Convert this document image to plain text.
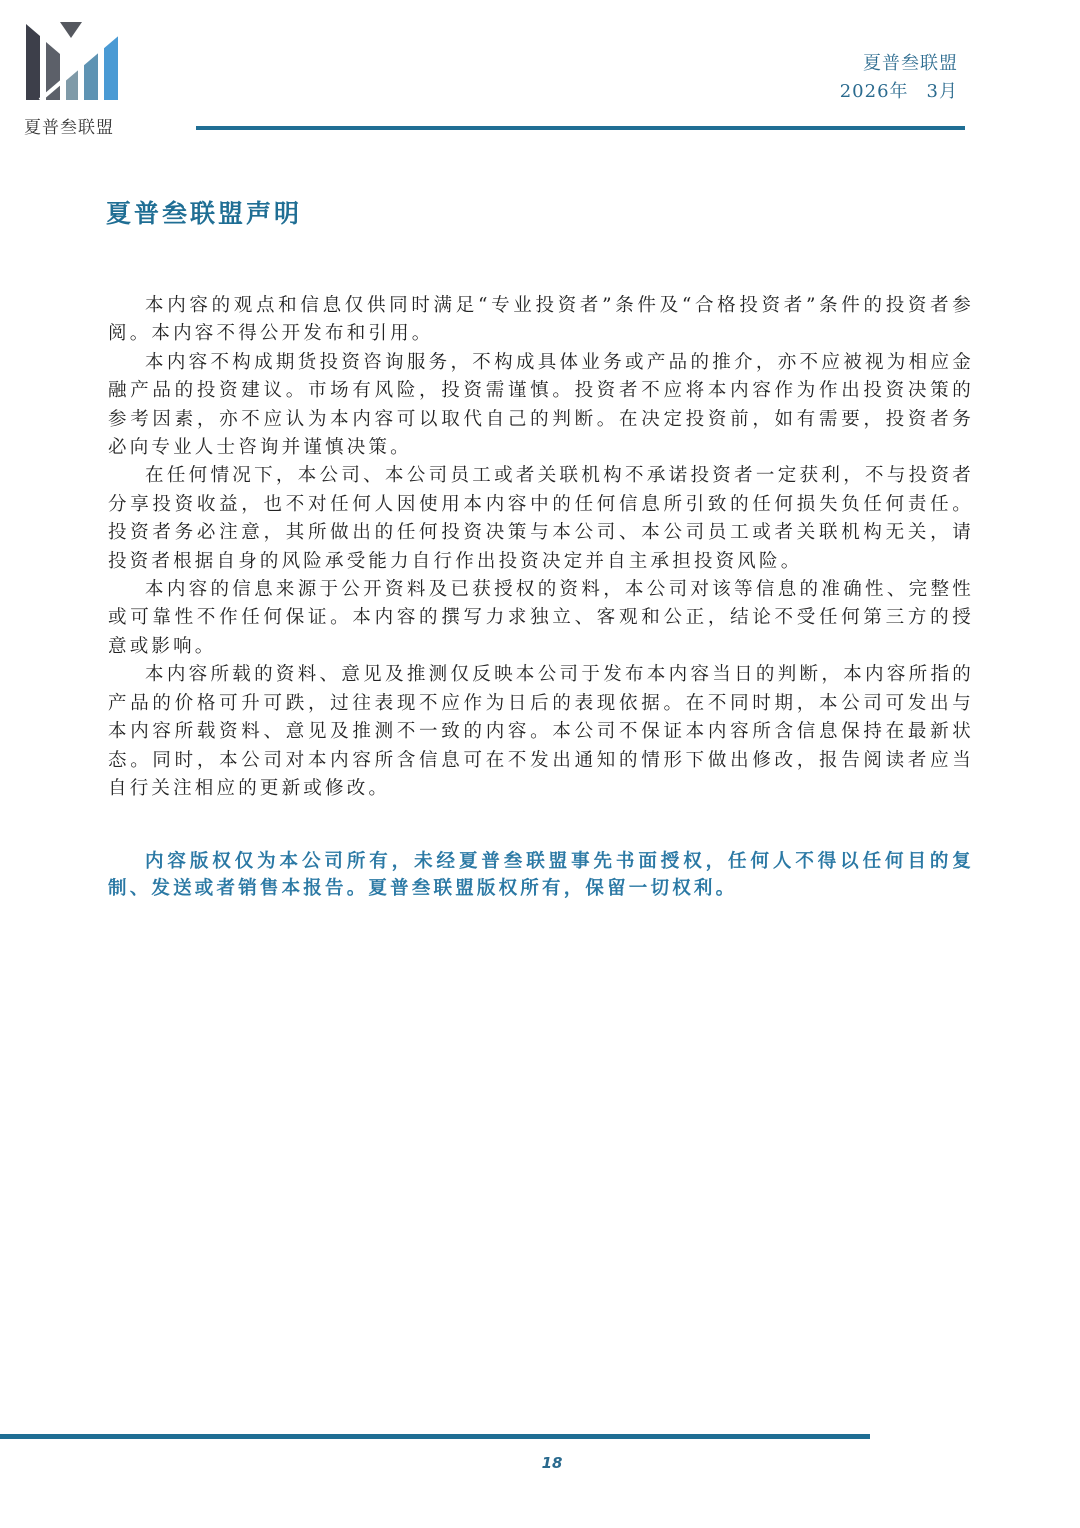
夏普叁联盟
夏普叁联盟
2026年 3月
夏普叁联盟声明

本内容的观点和信息仅供同时满足“专业投资者”条件及“合格投资者”条件的投资者参阅。本内容不得公开发布和引用。

本内容不构成期货投资咨询服务，不构成具体业务或产品的推介，亦不应被视为相应金融产品的投资建议。市场有风险，投资需谨慎。投资者不应将本内容作为作出投资决策的参考因素，亦不应认为本内容可以取代自己的判断。在决定投资前，如有需要，投资者务必向专业人士咨询并谨慎决策。

在任何情况下，本公司、本公司员工或者关联机构不承诺投资者一定获利，不与投资者分享投资收益，也不对任何人因使用本内容中的任何信息所引致的任何损失负任何责任。投资者务必注意，其所做出的任何投资决策与本公司、本公司员工或者关联机构无关，请投资者根据自身的风险承受能力自行作出投资决定并自主承担投资风险。

本内容的信息来源于公开资料及已获授权的资料，本公司对该等信息的准确性、完整性或可靠性不作任何保证。本内容的撰写力求独立、客观和公正，结论不受任何第三方的授意或影响。

本内容所载的资料、意见及推测仅反映本公司于发布本内容当日的判断，本内容所指的产品的价格可升可跌，过往表现不应作为日后的表现依据。在不同时期，本公司可发出与本内容所载资料、意见及推测不一致的内容。本公司不保证本内容所含信息保持在最新状态。同时，本公司对本内容所含信息可在不发出通知的情形下做出修改，报告阅读者应当自行关注相应的更新或修改。

内容版权仅为本公司所有，未经夏普叁联盟事先书面授权，任何人不得以任何目的复制、发送或者销售本报告。夏普叁联盟版权所有，保留一切权利。

18
